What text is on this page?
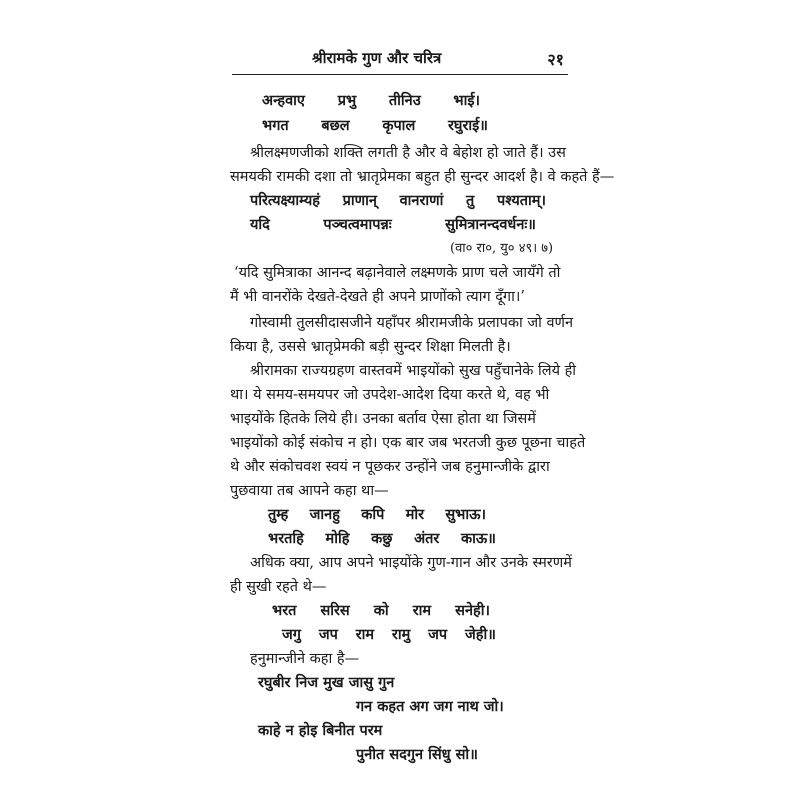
श्रीरामके गुण और चरित्र	२१
अन्हवाए प्रभु तीनिउ भाई।
भगत बछल कृपाल रघुराई॥
श्रीलक्ष्मणजीको शक्ति लगती है और वे बेहोश हो जाते हैं। उस
समयकी रामकी दशा तो भ्रातृप्रेमका बहुत ही सुन्दर आदर्श है। वे कहते हैं—
परित्यक्ष्याम्यहं प्राणान् वानराणां तु पश्यताम्।
यदि	पञ्चत्वमापन्नः	सुमित्रानन्दवर्धनः॥
(वा० रा०, यु० ४९। ७)
‘यदि सुमित्राका आनन्द बढ़ानेवाले लक्ष्मणके प्राण चले जायँगे तो
मैं भी वानरोंके देखते-देखते ही अपने प्राणोंको त्याग दूँगा।’
गोस्वामी तुलसीदासजीने यहाँपर श्रीरामजीके प्रलापका जो वर्णन
किया है, उससे भ्रातृप्रेमकी बड़ी सुन्दर शिक्षा मिलती है।
श्रीरामका राज्यग्रहण वास्तवमें भाइयोंको सुख पहुँचानेके लिये ही
था। ये समय-समयपर जो उपदेश-आदेश दिया करते थे, वह भी
भाइयोंके हितके लिये ही। उनका बर्ताव ऐसा होता था जिसमें
भाइयोंको कोई संकोच न हो। एक बार जब भरतजी कुछ पूछना चाहते
थे और संकोचवश स्वयं न पूछकर उन्होंने जब हनुमान्जीके द्वारा
पुछवाया तब आपने कहा था—
तुम्ह जानहु कपि मोर सुभाऊ।
भरतहि मोहि कछु अंतर काऊ॥
अधिक क्या, आप अपने भाइयोंके गुण-गान और उनके स्मरणमें
ही सुखी रहते थे—
भरत सरिस को राम सनेही।
जगु जप राम रामु जप जेही॥
हनुमान्जीने कहा है—
रघुबीर निज मुख जासु गुन
गन कहत अग जग नाथ जो।
काहे न होइ बिनीत परम
पुनीत सदगुन सिंधु सो॥
